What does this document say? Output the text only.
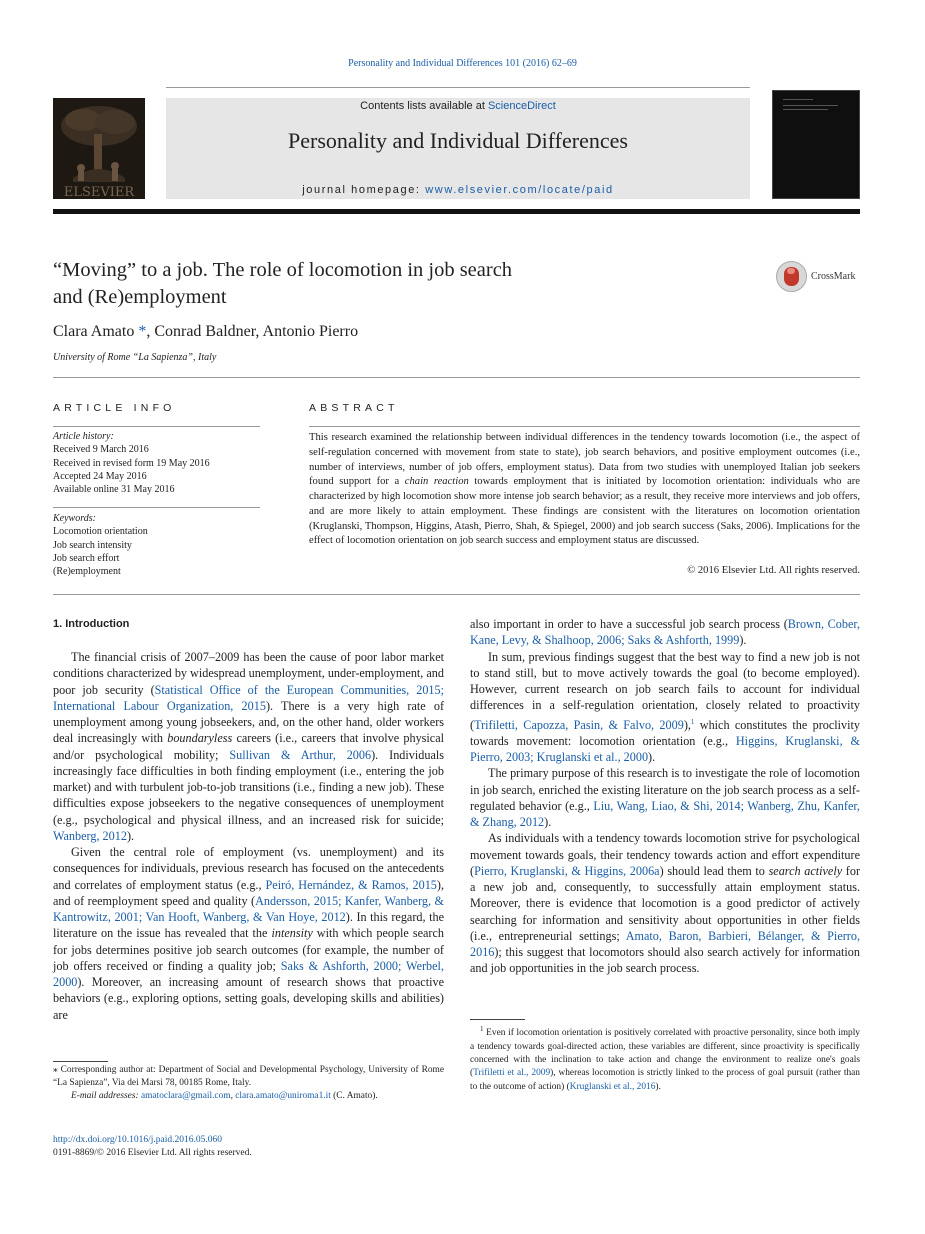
Personality and Individual Differences 101 (2016) 62–69
ELSEVIER
Contents lists available at ScienceDirect
Personality and Individual Differences
journal homepage: www.elsevier.com/locate/paid
“Moving” to a job. The role of locomotion in job search
and (Re)employment
CrossMark
Clara Amato *, Conrad Baldner, Antonio Pierro
University of Rome “La Sapienza”, Italy
ARTICLE INFO
Article history:
Received 9 March 2016
Received in revised form 19 May 2016
Accepted 24 May 2016
Available online 31 May 2016
Keywords:
Locomotion orientation
Job search intensity
Job search effort
(Re)employment
ABSTRACT
This research examined the relationship between individual differences in the tendency towards locomotion (i.e., the aspect of self-regulation concerned with movement from state to state), job search behaviors, and positive employment outcomes (i.e., number of interviews, number of job offers, employment status). Data from two studies with unemployed Italian job seekers found support for a chain reaction towards employment that is initiated by locomotion orientation: individuals who are characterized by high locomotion show more intense job search behavior; as a result, they receive more interviews and job offers, and are more likely to attain employment. These findings are consistent with the literatures on locomotion orientation (Kruglanski, Thompson, Higgins, Atash, Pierro, Shah, & Spiegel, 2000) and job search success (Saks, 2006). Implications for the effect of locomotion orientation on job search success and employment status are discussed.
© 2016 Elsevier Ltd. All rights reserved.
1. Introduction

The financial crisis of 2007–2009 has been the cause of poor labor market conditions characterized by widespread unemployment, under-employment, and poor job security (Statistical Office of the European Communities, 2015; International Labour Organization, 2015). There is a very high rate of unemployment among young jobseekers, and, on the other hand, older workers deal increasingly with boundaryless careers (i.e., careers that involve physical and/or psychological mobility; Sullivan & Arthur, 2006). Individuals increasingly face difficulties in both finding employment (i.e., entering the job market) and with turbulent job-to-job transitions (i.e., finding a new job). These difficulties expose jobseekers to the negative consequences of unemployment (e.g., psychological and physical illness, and an increased risk for suicide; Wanberg, 2012).

Given the central role of employment (vs. unemployment) and its consequences for individuals, previous research has focused on the antecedents and correlates of employment status (e.g., Peiró, Hernández, & Ramos, 2015), and of reemployment speed and quality (Andersson, 2015; Kanfer, Wanberg, & Kantrowitz, 2001; Van Hooft, Wanberg, & Van Hoye, 2012). In this regard, the literature on the issue has revealed that the intensity with which people search for jobs determines positive job search outcomes (for example, the number of job offers received or finding a quality job; Saks & Ashforth, 2000; Werbel, 2000). Moreover, an increasing amount of research shows that proactive behaviors (e.g., exploring options, setting goals, developing skills and abilities) are

also important in order to have a successful job search process (Brown, Cober, Kane, Levy, & Shalhoop, 2006; Saks & Ashforth, 1999).

In sum, previous findings suggest that the best way to find a new job is not to stand still, but to move actively towards the goal (to become employed). However, current research on job search fails to account for individual differences in a self-regulation orientation, closely related to proactivity (Trifiletti, Capozza, Pasin, & Falvo, 2009),$^1$ which constitutes the proclivity towards movement: locomotion orientation (e.g., Higgins, Kruglanski, & Pierro, 2003; Kruglanski et al., 2000).

The primary purpose of this research is to investigate the role of locomotion in job search, enriched the existing literature on the job search process as a self-regulated behavior (e.g., Liu, Wang, Liao, & Shi, 2014; Wanberg, Zhu, Kanfer, & Zhang, 2012).

As individuals with a tendency towards locomotion strive for psychological movement towards goals, their tendency towards action and effort expenditure (Pierro, Kruglanski, & Higgins, 2006a) should lead them to search actively for a new job and, consequently, to successfully attain employment status. Moreover, there is evidence that locomotion is a good predictor of actively searching for information and sensitivity about opportunities in other fields (i.e., entrepreneurial settings; Amato, Baron, Barbieri, Bélanger, & Pierro, 2016); this suggest that locomotors should also search actively for information and job opportunities in the job search process.

⁎ Corresponding author at: Department of Social and Developmental Psychology, University of Rome “La Sapienza”, Via dei Marsi 78, 00185 Rome, Italy.

E-mail addresses: amatoclara@gmail.com, clara.amato@uniroma1.it (C. Amato).

$^1$ Even if locomotion orientation is positively correlated with proactive personality, since both imply a tendency towards goal-directed action, these variables are different, since proactivity is specifically concerned with the inclination to take action and change the environment to realize one's goals (Trifiletti et al., 2009), whereas locomotion is strictly linked to the process of goal pursuit (rather than to the outcome of action) (Kruglanski et al., 2016).

http://dx.doi.org/10.1016/j.paid.2016.05.060
0191-8869/© 2016 Elsevier Ltd. All rights reserved.
